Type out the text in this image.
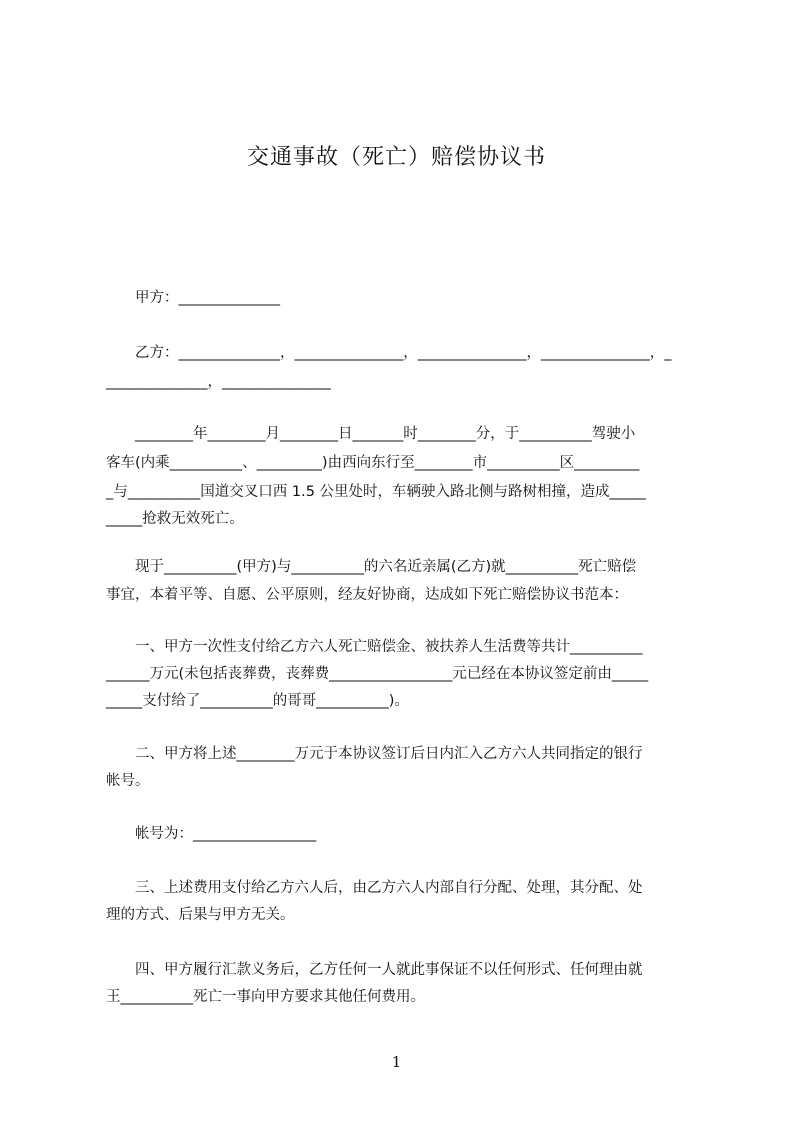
交通事故（死亡）赔偿协议书

　　甲方：______________

　　乙方：______________，_______________，_______________，_______________，_

______________，_______________

　　________年________月________日_______时________分，于__________驾驶小

客车(内乘__________、_________)由西向东行至________市__________区_________

_与__________国道交叉口西 1.5 公里处时，车辆驶入路北侧与路树相撞，造成_____

_____抢救无效死亡。

　　现于__________(甲方)与__________的六名近亲属(乙方)就__________死亡赔偿

事宜，本着平等、自愿、公平原则，经友好协商，达成如下死亡赔偿协议书范本：

　　一、甲方一次性支付给乙方六人死亡赔偿金、被扶养人生活费等共计__________

______万元(未包括丧葬费，丧葬费_________________元已经在本协议签定前由_____

_____支付给了__________的哥哥__________)。

　　二、甲方将上述________万元于本协议签订后日内汇入乙方六人共同指定的银行

帐号。

　　帐号为：_________________

　　三、上述费用支付给乙方六人后，由乙方六人内部自行分配、处理，其分配、处

理的方式、后果与甲方无关。

　　四、甲方履行汇款义务后，乙方任何一人就此事保证不以任何形式、任何理由就

王__________死亡一事向甲方要求其他任何费用。

1
